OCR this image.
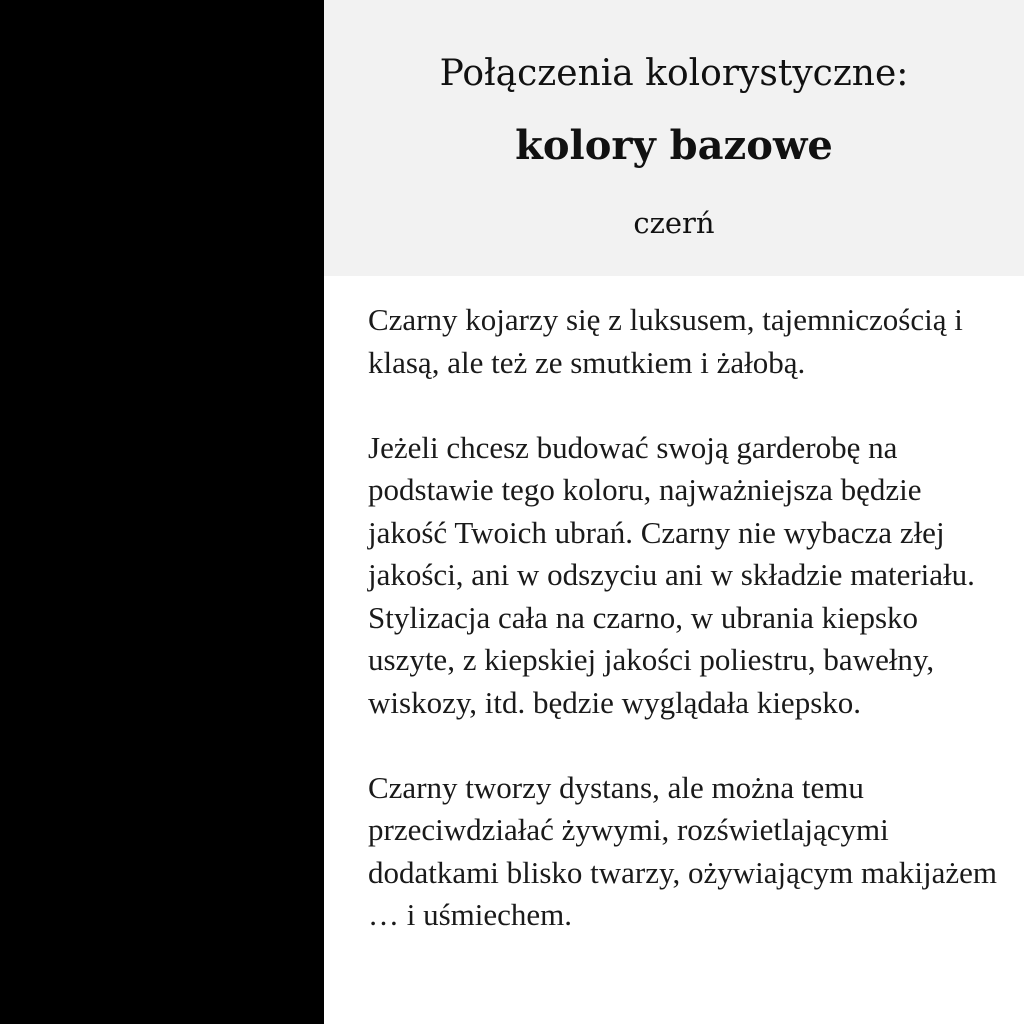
Połączenia kolorystyczne:
kolory bazowe
czerń

Czarny kojarzy się z luksusem, tajemniczością i klasą, ale też ze smutkiem i żałobą.

Jeżeli chcesz budować swoją garderobę na podstawie tego koloru, najważniejsza będzie jakość Twoich ubrań. Czarny nie wybacza złej jakości, ani w odszyciu ani w składzie materiału. Stylizacja cała na czarno, w ubrania kiepsko uszyte, z kiepskiej jakości poliestru, bawełny, wiskozy, itd. będzie wyglądała kiepsko.

Czarny tworzy dystans, ale można temu przeciwdziałać żywymi, rozświetlającymi dodatkami blisko twarzy, ożywiającym makijażem … i uśmiechem.
